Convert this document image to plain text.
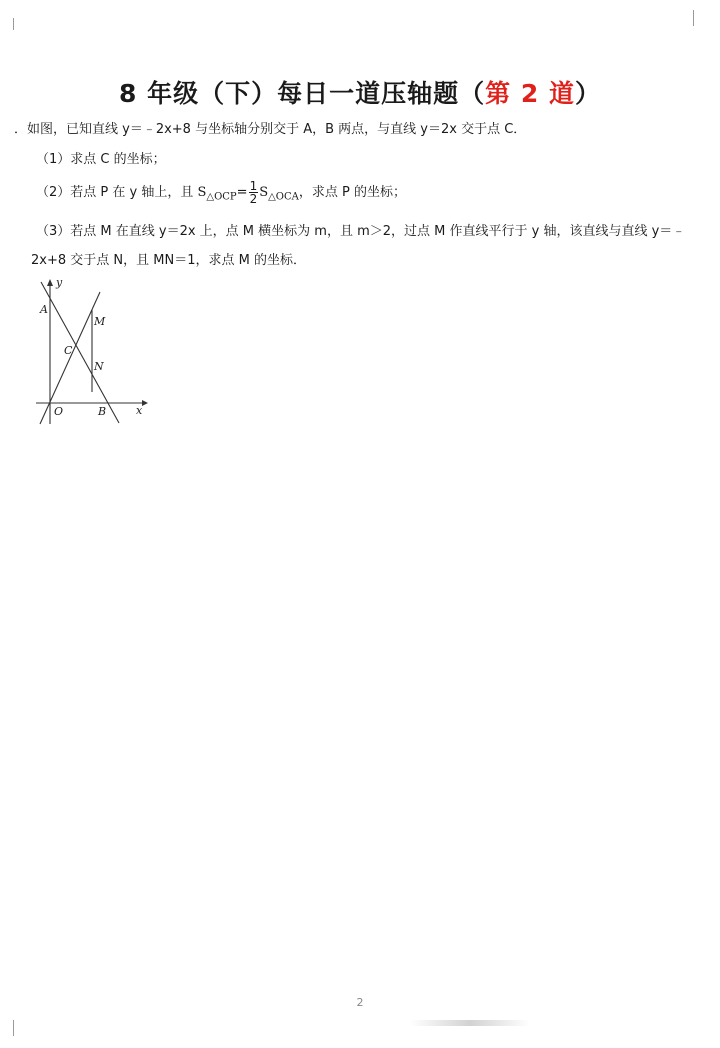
8 年级（下）每日一道压轴题（第 2 道）
．如图，已知直线 y＝﹣2x+8 与坐标轴分别交于 A，B 两点，与直线 y＝2x 交于点 C．
（1）求点 C 的坐标；
（2）若点 P 在 y 轴上，且 $S_{\triangle OCP}= \frac{1}{2} S_{\triangle OCA}$，求点 P 的坐标；
（3）若点 M 在直线 y＝2x 上，点 M 横坐标为 m，且 m＞2，过点 M 作直线平行于 y 轴，该直线与直线 y＝﹣
2x+8 交于点 N，且 MN＝1，求点 M 的坐标．
y
x
A
M
C
N
O	B
2
